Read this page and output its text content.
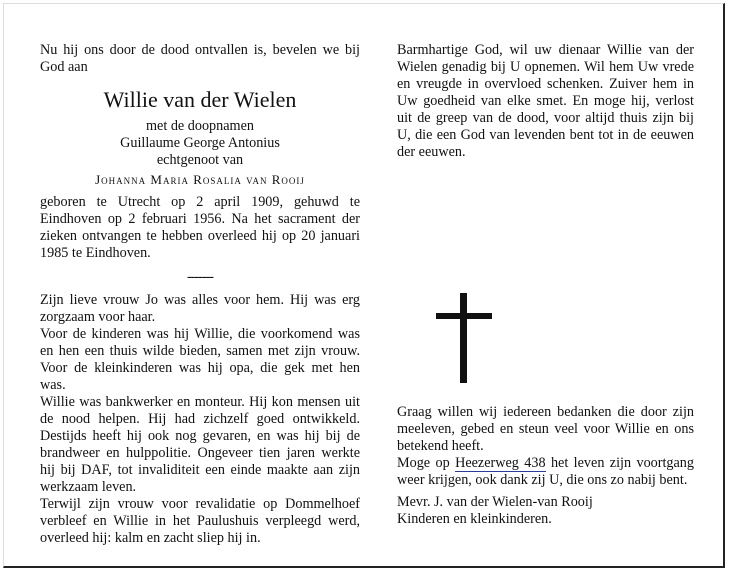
Nu hij ons door de dood ontvallen is, bevelen we bij God aan

Willie van der Wielen
met de doopnamen
Guillaume George Antonius
echtgenoot van
Johanna Maria Rosalia van Rooij

geboren te Utrecht op 2 april 1909, gehuwd te Eindhoven op 2 februari 1956. Na het sacrament der zieken ontvangen te hebben overleed hij op 20 januari 1985 te Eindhoven.

-------

Zijn lieve vrouw Jo was alles voor hem. Hij was erg zorgzaam voor haar.

Voor de kinderen was hij Willie, die voorkomend was en hen een thuis wilde bieden, samen met zijn vrouw. Voor de kleinkinderen was hij opa, die gek met hen was.

Willie was bankwerker en monteur. Hij kon mensen uit de nood helpen. Hij had zichzelf goed ontwikkeld. Destijds heeft hij ook nog gevaren, en was hij bij de brandweer en hulppolitie. Ongeveer tien jaren werkte hij bij DAF, tot invaliditeit een einde maakte aan zijn werkzaam leven.

Terwijl zijn vrouw voor revalidatie op Dommelhoef verbleef en Willie in het Paulushuis verpleegd werd, overleed hij: kalm en zacht sliep hij in.

Barmhartige God, wil uw dienaar Willie van der Wielen genadig bij U opnemen. Wil hem Uw vrede en vreugde in overvloed schenken. Zuiver hem in Uw goedheid van elke smet. En moge hij, verlost uit de greep van de dood, voor altijd thuis zijn bij U, die een God van levenden bent tot in de eeuwen der eeuwen.

Graag willen wij iedereen bedanken die door zijn meeleven, gebed en steun veel voor Willie en ons betekend heeft.

Moge op Heezerweg 438 het leven zijn voortgang weer krijgen, ook dank zij U, die ons zo nabij bent.

Mevr. J. van der Wielen-van Rooij

Kinderen en kleinkinderen.
